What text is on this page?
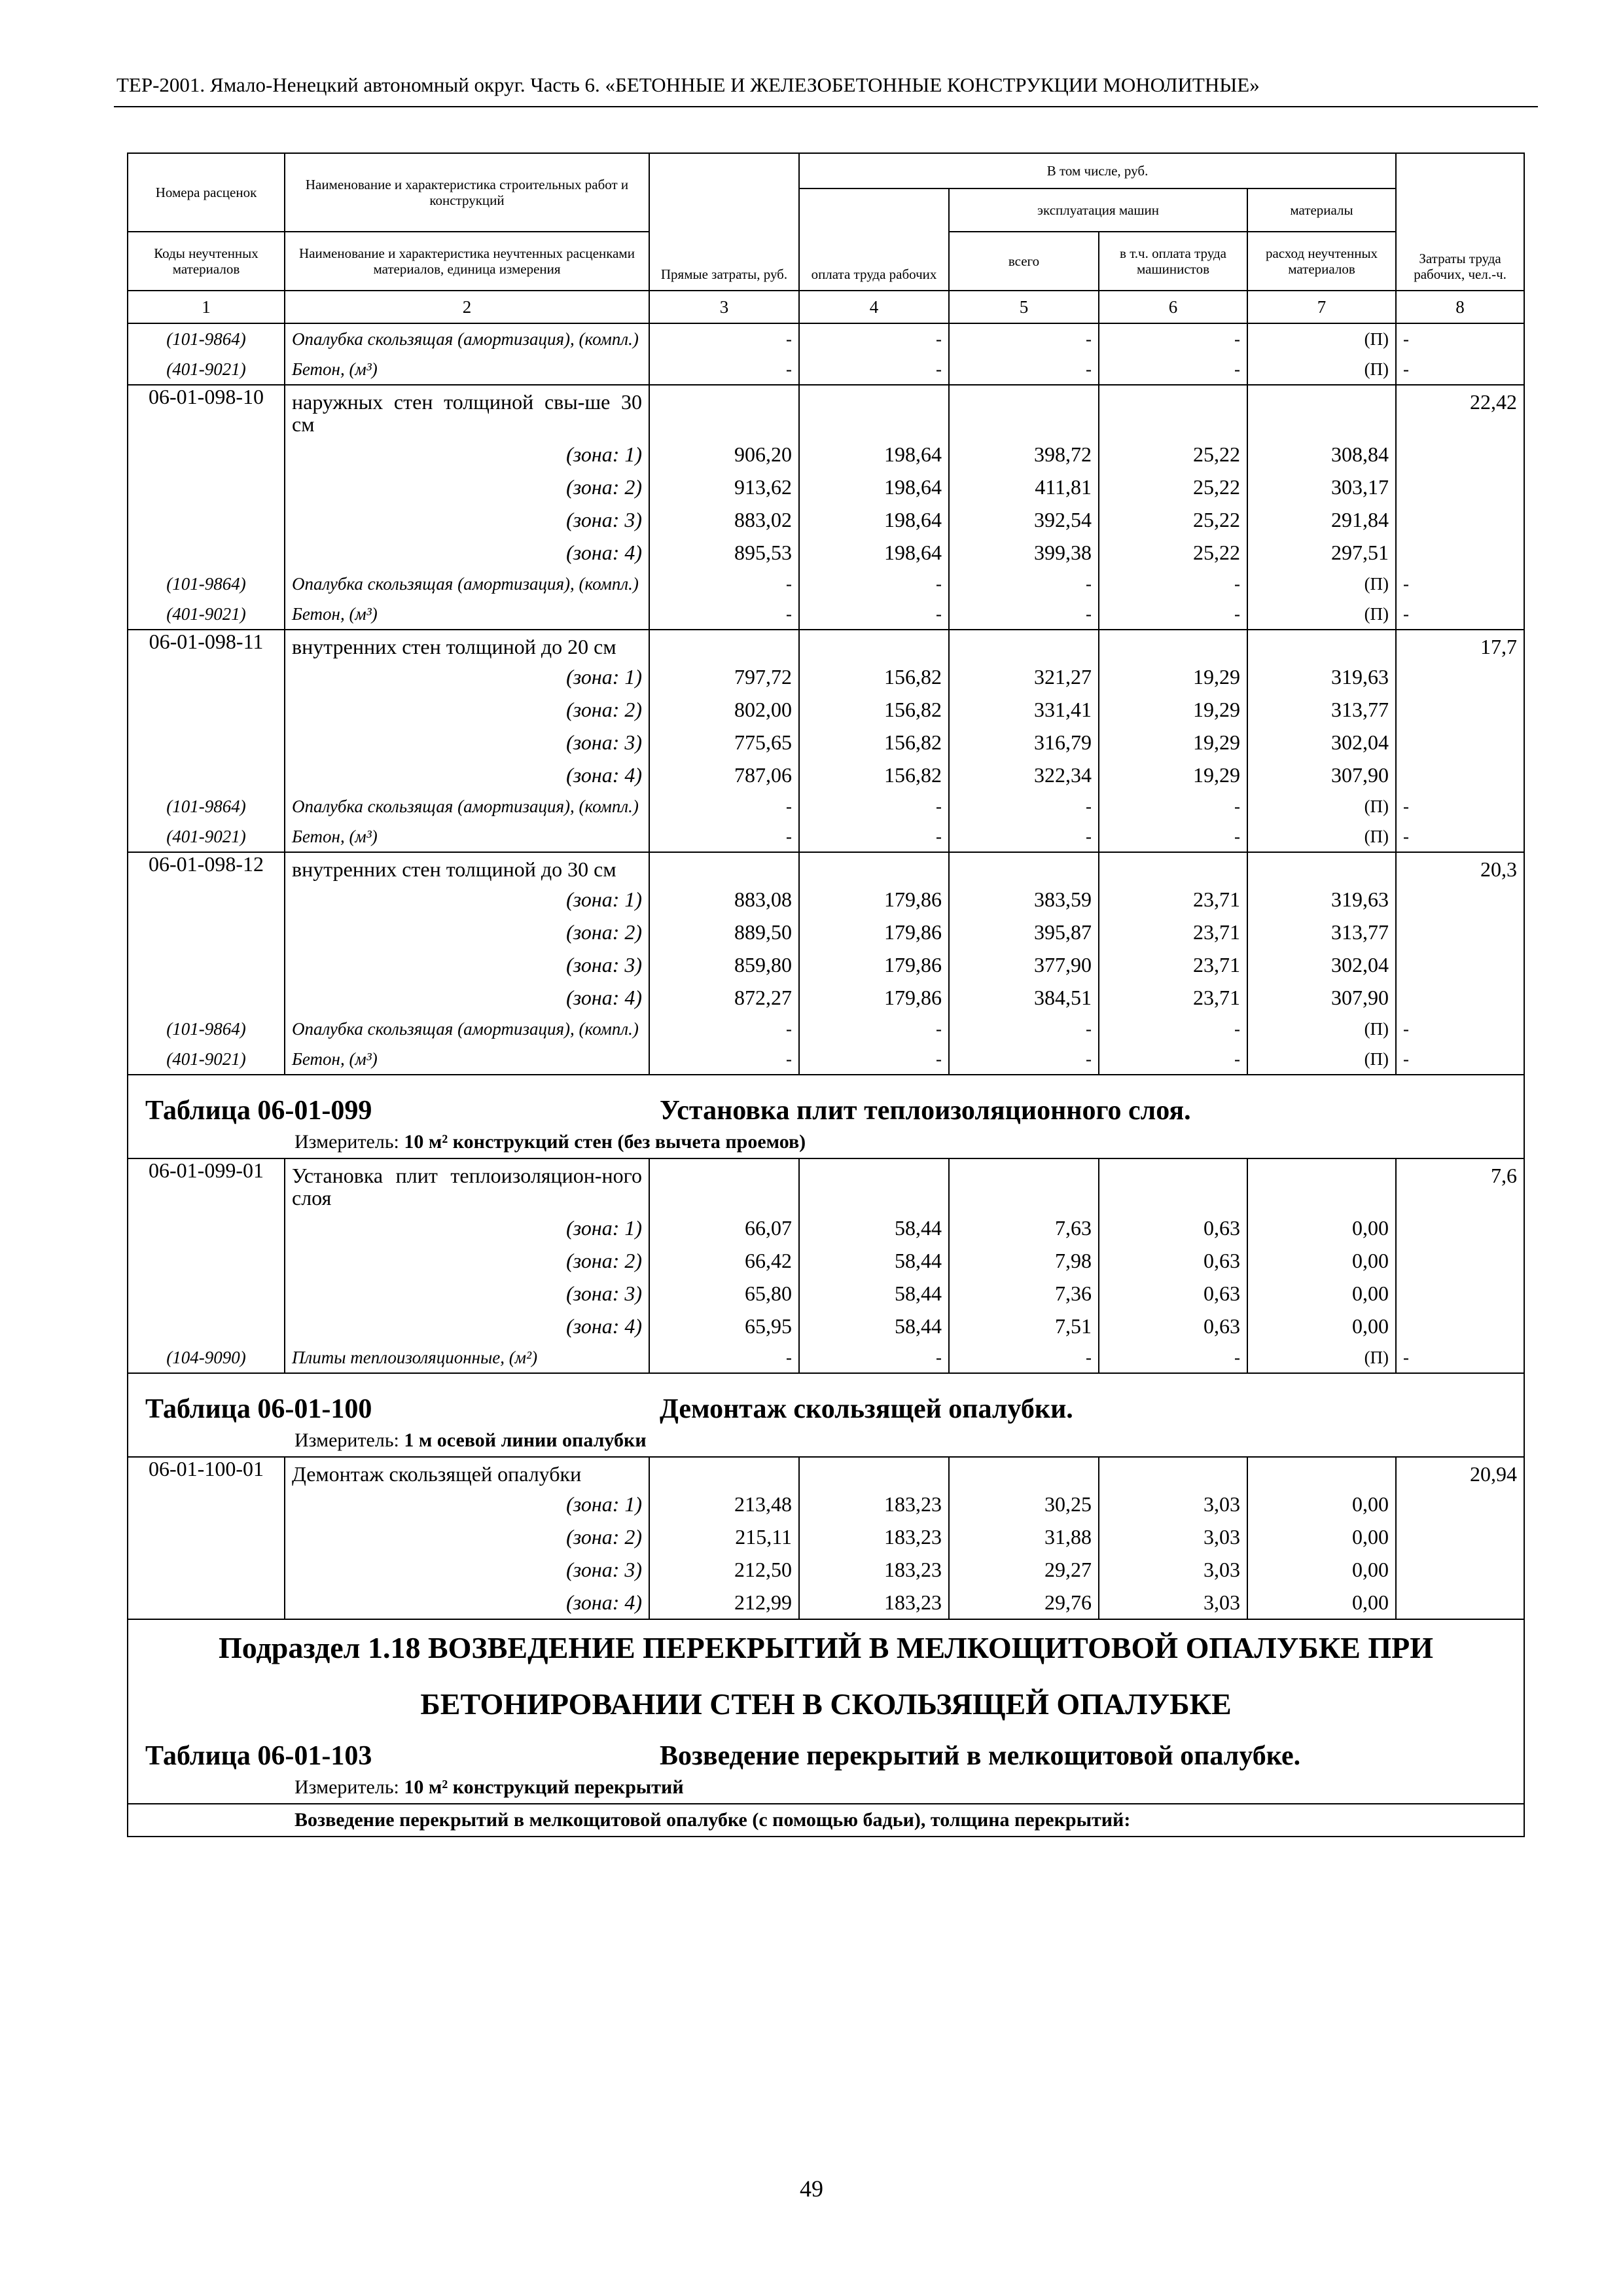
ТЕР-2001. Ямало-Ненецкий автономный округ. Часть 6. «БЕТОННЫЕ И ЖЕЛЕЗОБЕТОННЫЕ КОНСТРУКЦИИ МОНОЛИТНЫЕ»
Номера расценок	Наименование и характеристика строительных работ и конструкций	Прямые затраты, руб.	В том числе, руб.				Затраты труда рабочих, чел.-ч.
			оплата труда рабочих	эксплуатация машин		материалы	
Коды неучтенных материалов	Наименование и характеристика неучтенных расценками материалов, единица измерения			всего	в т.ч. оплата труда машинистов	расход неучтенных материалов	
1	2	3	4	5	6	7	8
(101-9864)	Опалубка скользящая (амортизация), (компл.)	-	-	-	-	(П)	-
(401-9021)	Бетон, (м³)	-	-	-	-	(П)	-
06-01-098-10	наружных стен толщиной свы-ше 30 см						22,42
	(зона: 1)	906,20	198,64	398,72	25,22	308,84	
	(зона: 2)	913,62	198,64	411,81	25,22	303,17	
	(зона: 3)	883,02	198,64	392,54	25,22	291,84	
	(зона: 4)	895,53	198,64	399,38	25,22	297,51	
(101-9864)	Опалубка скользящая (амортизация), (компл.)	-	-	-	-	(П)	-
(401-9021)	Бетон, (м³)	-	-	-	-	(П)	-
06-01-098-11	внутренних стен толщиной до 20 см						17,7
	(зона: 1)	797,72	156,82	321,27	19,29	319,63	
	(зона: 2)	802,00	156,82	331,41	19,29	313,77	
	(зона: 3)	775,65	156,82	316,79	19,29	302,04	
	(зона: 4)	787,06	156,82	322,34	19,29	307,90	
(101-9864)	Опалубка скользящая (амортизация), (компл.)	-	-	-	-	(П)	-
(401-9021)	Бетон, (м³)	-	-	-	-	(П)	-
06-01-098-12	внутренних стен толщиной до 30 см						20,3
	(зона: 1)	883,08	179,86	383,59	23,71	319,63	
	(зона: 2)	889,50	179,86	395,87	23,71	313,77	
	(зона: 3)	859,80	179,86	377,90	23,71	302,04	
	(зона: 4)	872,27	179,86	384,51	23,71	307,90	
(101-9864)	Опалубка скользящая (амортизация), (компл.)	-	-	-	-	(П)	-
(401-9021)	Бетон, (м³)	-	-	-	-	(П)	-
Таблица 06-01-099 Установка плит теплоизоляционного слоя.							
Измеритель: 10 м² конструкций стен (без вычета проемов)							
06-01-099-01	Установка плит теплоизоляцион-ного слоя						7,6
	(зона: 1)	66,07	58,44	7,63	0,63	0,00	
	(зона: 2)	66,42	58,44	7,98	0,63	0,00	
	(зона: 3)	65,80	58,44	7,36	0,63	0,00	
	(зона: 4)	65,95	58,44	7,51	0,63	0,00	
(104-9090)	Плиты теплоизоляционные, (м²)	-	-	-	-	(П)	-
Таблица 06-01-100 Демонтаж скользящей опалубки.							
Измеритель: 1 м осевой линии опалубки							
06-01-100-01	Демонтаж скользящей опалубки						20,94
	(зона: 1)	213,48	183,23	30,25	3,03	0,00	
	(зона: 2)	215,11	183,23	31,88	3,03	0,00	
	(зона: 3)	212,50	183,23	29,27	3,03	0,00	
	(зона: 4)	212,99	183,23	29,76	3,03	0,00	
Подраздел 1.18 ВОЗВЕДЕНИЕ ПЕРЕКРЫТИЙ В МЕЛКОЩИТОВОЙ ОПАЛУБКЕ ПРИ							
БЕТОНИРОВАНИИ СТЕН В СКОЛЬЗЯЩЕЙ ОПАЛУБКЕ							
Таблица 06-01-103 Возведение перекрытий в мелкощитовой опалубке.							
Измеритель: 10 м² конструкций перекрытий							
Возведение перекрытий в мелкощитовой опалубке (с помощью бадьи), толщина перекрытий:							
49
